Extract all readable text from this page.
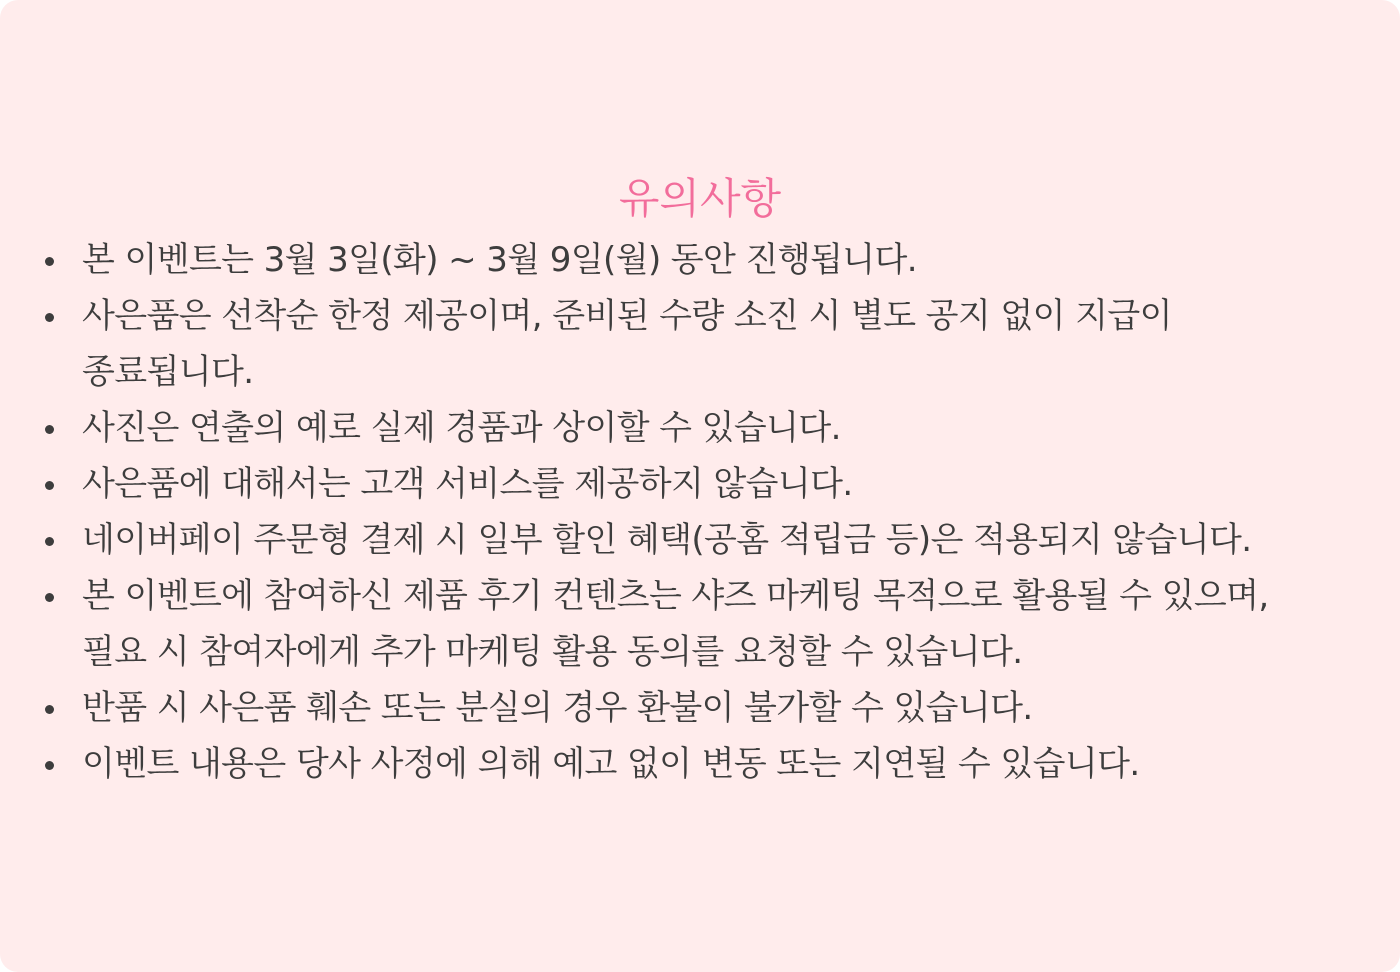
유의사항
본 이벤트는 3월 3일(화) ~ 3월 9일(월) 동안 진행됩니다.
사은품은 선착순 한정 제공이며, 준비된 수량 소진 시 별도 공지 없이 지급이 종료됩니다.
사진은 연출의 예로 실제 경품과 상이할 수 있습니다.
사은품에 대해서는 고객 서비스를 제공하지 않습니다.
네이버페이 주문형 결제 시 일부 할인 혜택(공홈 적립금 등)은 적용되지 않습니다.
본 이벤트에 참여하신 제품 후기 컨텐츠는 샤즈 마케팅 목적으로 활용될 수 있으며, 필요 시 참여자에게 추가 마케팅 활용 동의를 요청할 수 있습니다.
반품 시 사은품 훼손 또는 분실의 경우 환불이 불가할 수 있습니다.
이벤트 내용은 당사 사정에 의해 예고 없이 변동 또는 지연될 수 있습니다.
